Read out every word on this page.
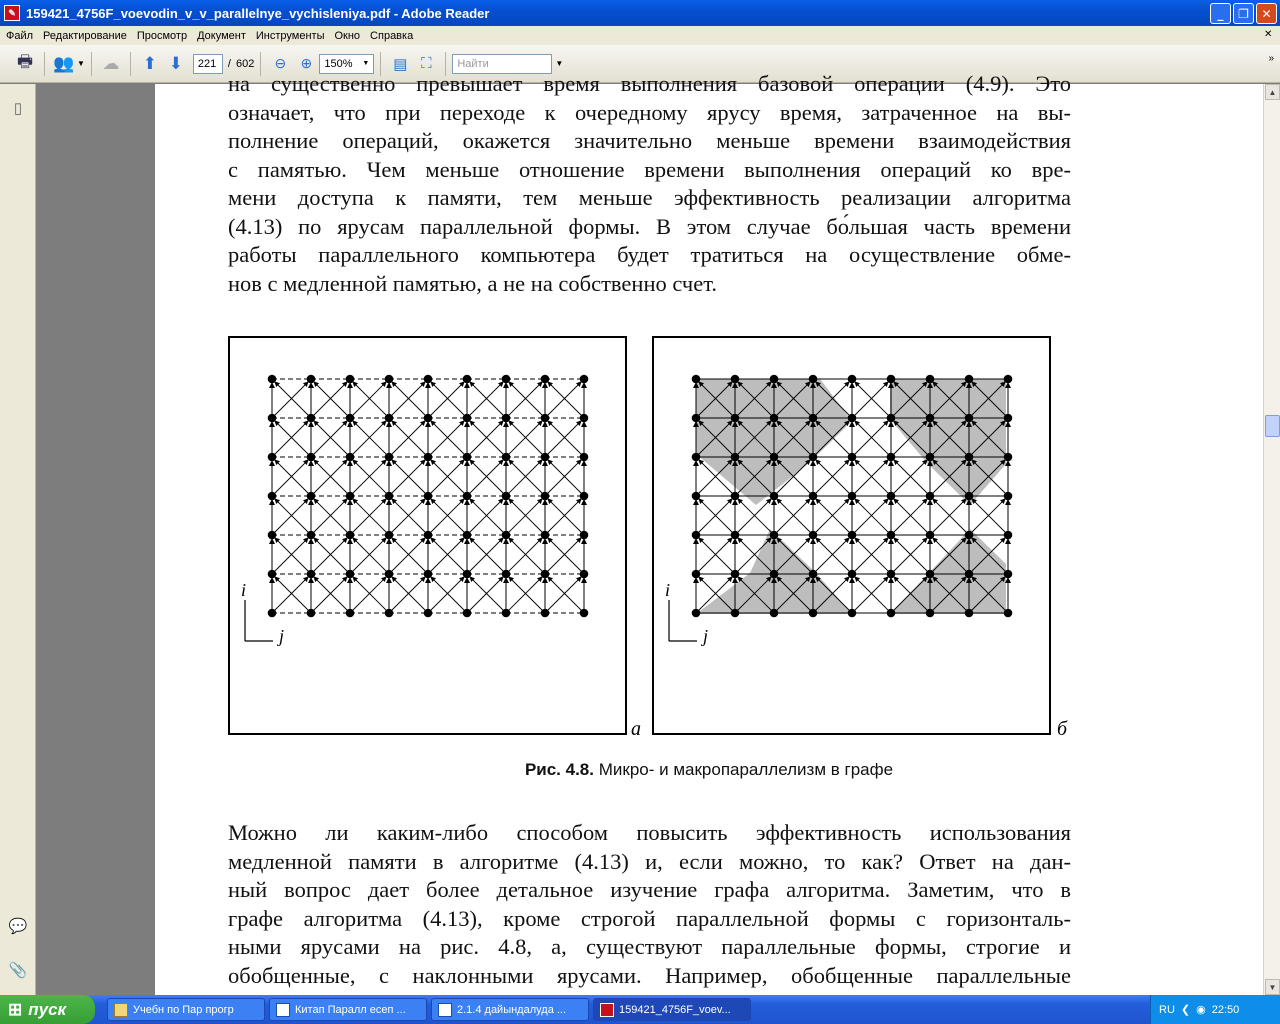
✎ 159421_4756F_voevodin_v_v_parallelnye_vychisleniya.pdf - Adobe Reader	_	❐	✕
Файл Редактирование Просмотр Документ Инструменты Окно Справка	✕
🖶 👥 ▼ ☁	⬆ ⬇	221	/ 602	⊖	⊕	150% ▼	▤ ⛶	Найти	▼	»
▯
💬
📎
на существенно превышает время выполнения базовой операции (4.9). Это
означает, что при переходе к очередному ярусу время, затраченное на вы-
полнение операций, окажется значительно меньше времени взаимодействия
с памятью. Чем меньше отношение времени выполнения операций ко вре-
мени доступа к памяти, тем меньше эффективность реализации алгоритма
(4.13) по ярусам параллельной формы. В этом случае бо́льшая часть времени
работы параллельного компьютера будет тратиться на осуществление обме-
нов с медленной памятью, а не на собственно счет.
а	б
i
j
i
j
Рис. 4.8. Микро- и макропараллелизм в графе
Можно ли каким-либо способом повысить эффективность использования
медленной памяти в алгоритме (4.13) и, если можно, то как? Ответ на дан-
ный вопрос дает более детальное изучение графа алгоритма. Заметим, что в
графе алгоритма (4.13), кроме строгой параллельной формы с горизонталь-
ными ярусами на рис. 4.8, а, существуют параллельные формы, строгие и
обобщенные, с наклонными ярусами. Например, обобщенные параллельные
▲
▼
⊞ пуск	Учебн по Пар прогр	Китап Паралл есеп ...	2.1.4 дайындалуда ...	159421_4756F_voev...	RU ❮ ◉ 22:50
